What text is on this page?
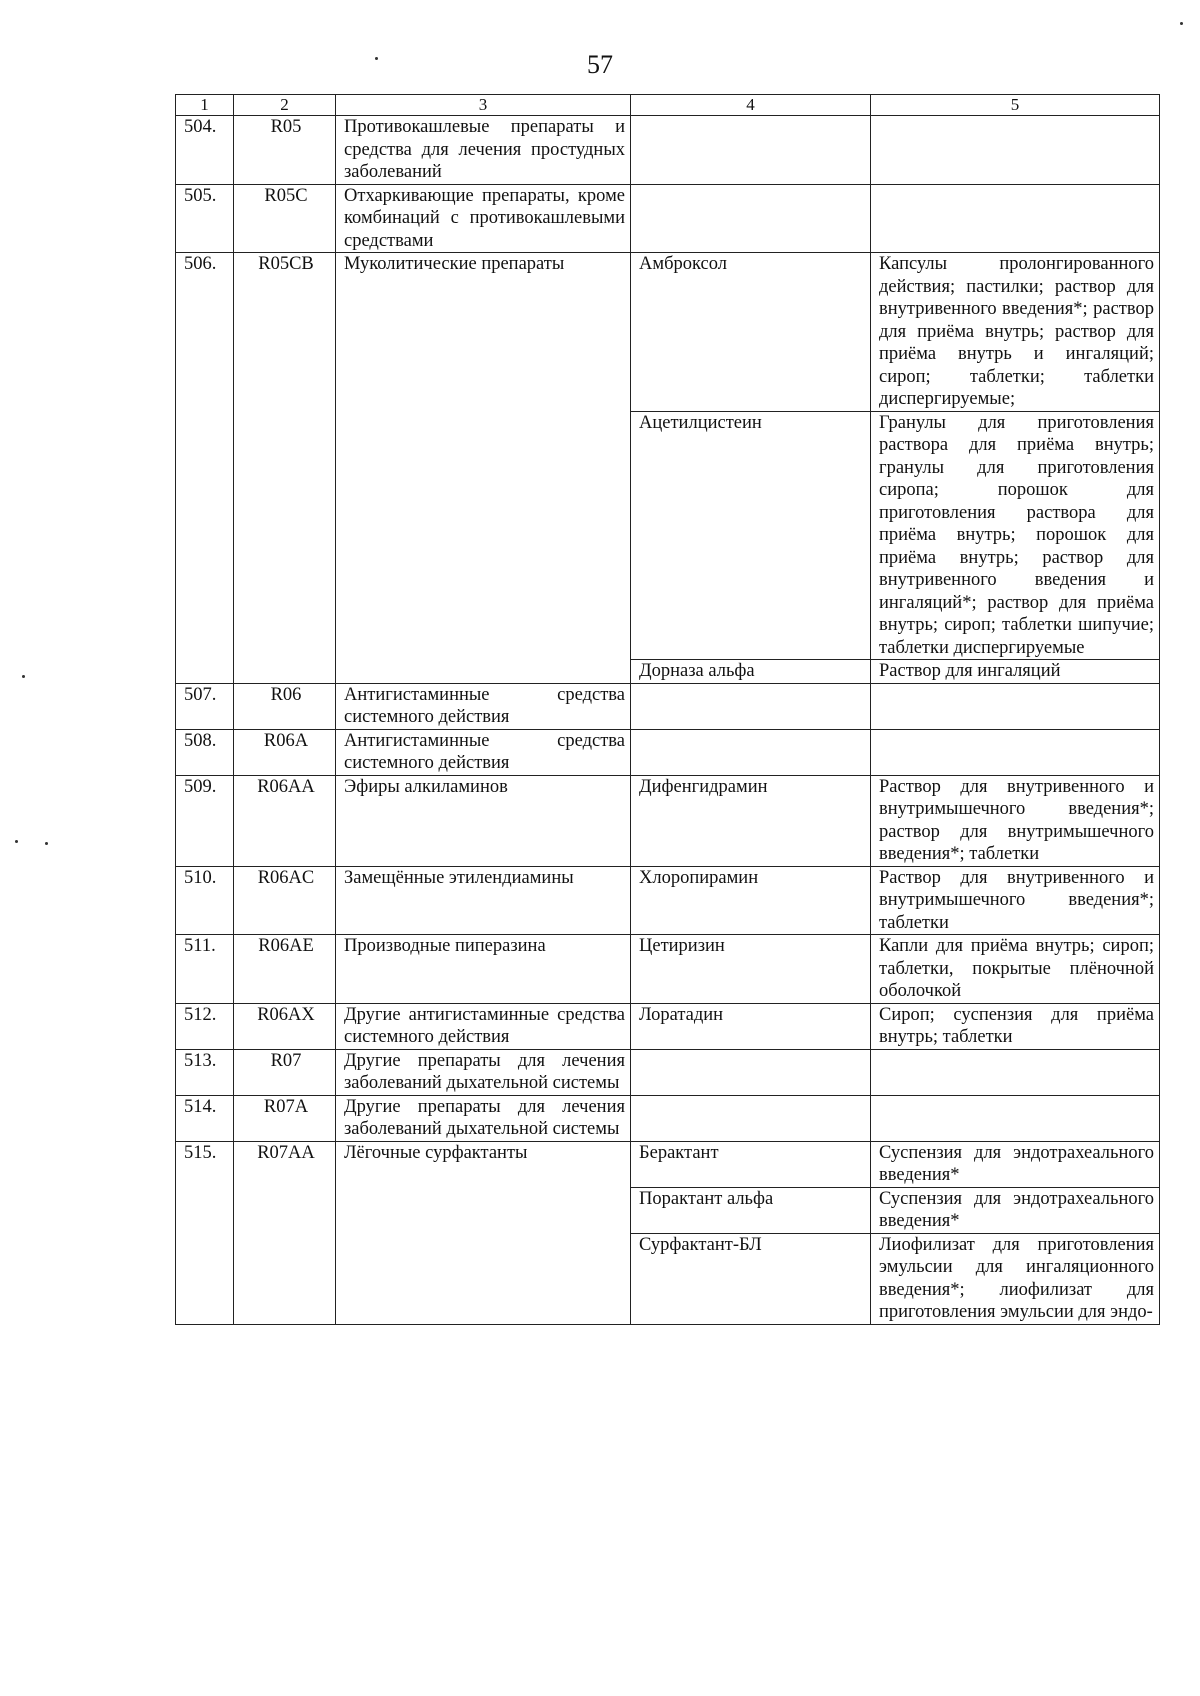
57
1	2	3	4	5
504.	R05	Противокашлевые препараты и средства для лечения простудных заболеваний		
505.	R05C	Отхаркивающие препараты, кроме комбинаций с противокашлевыми средствами		
506.	R05CB	Муколитические препараты	Амброксол	Капсулы пролонгированного действия; пастилки; раствор для внутривенного введения*; раствор для приёма внутрь; раствор для приёма внутрь и ингаляций; сироп; таблетки; таблетки диспергируемые;
			Ацетилцистеин	Гранулы для приготовления раствора для приёма внутрь; гранулы для приготовления сиропа; порошок для приготовления раствора для приёма внутрь; порошок для приёма внутрь; раствор для внутривенного введения и ингаляций*; раствор для приёма внутрь; сироп; таблетки шипучие; таблетки диспергируемые
			Дорназа альфа	Раствор для ингаляций
507.	R06	Антигистаминные средства системного действия		
508.	R06A	Антигистаминные средства системного действия		
509.	R06AA	Эфиры алкиламинов	Дифенгидрамин	Раствор для внутривенного и внутримышечного введения*; раствор для внутримышечного введения*; таблетки
510.	R06AC	Замещённые этилендиамины	Хлоропирамин	Раствор для внутривенного и внутримышечного введения*; таблетки
511.	R06AE	Производные пиперазина	Цетиризин	Капли для приёма внутрь; сироп; таблетки, покрытые плёночной оболочкой
512.	R06AX	Другие антигистаминные средства системного действия	Лоратадин	Сироп; суспензия для приёма внутрь; таблетки
513.	R07	Другие препараты для лечения заболеваний дыхательной системы		
514.	R07A	Другие препараты для лечения заболеваний дыхательной системы		
515.	R07AA	Лёгочные сурфактанты	Берактант	Суспензия для эндотрахеального введения*
			Порактант альфа	Суспензия для эндотрахеального введения*
			Сурфактант-БЛ	Лиофилизат для приготовления эмульсии для ингаляционного введения*; лиофилизат для приготовления эмульсии для эндо-
